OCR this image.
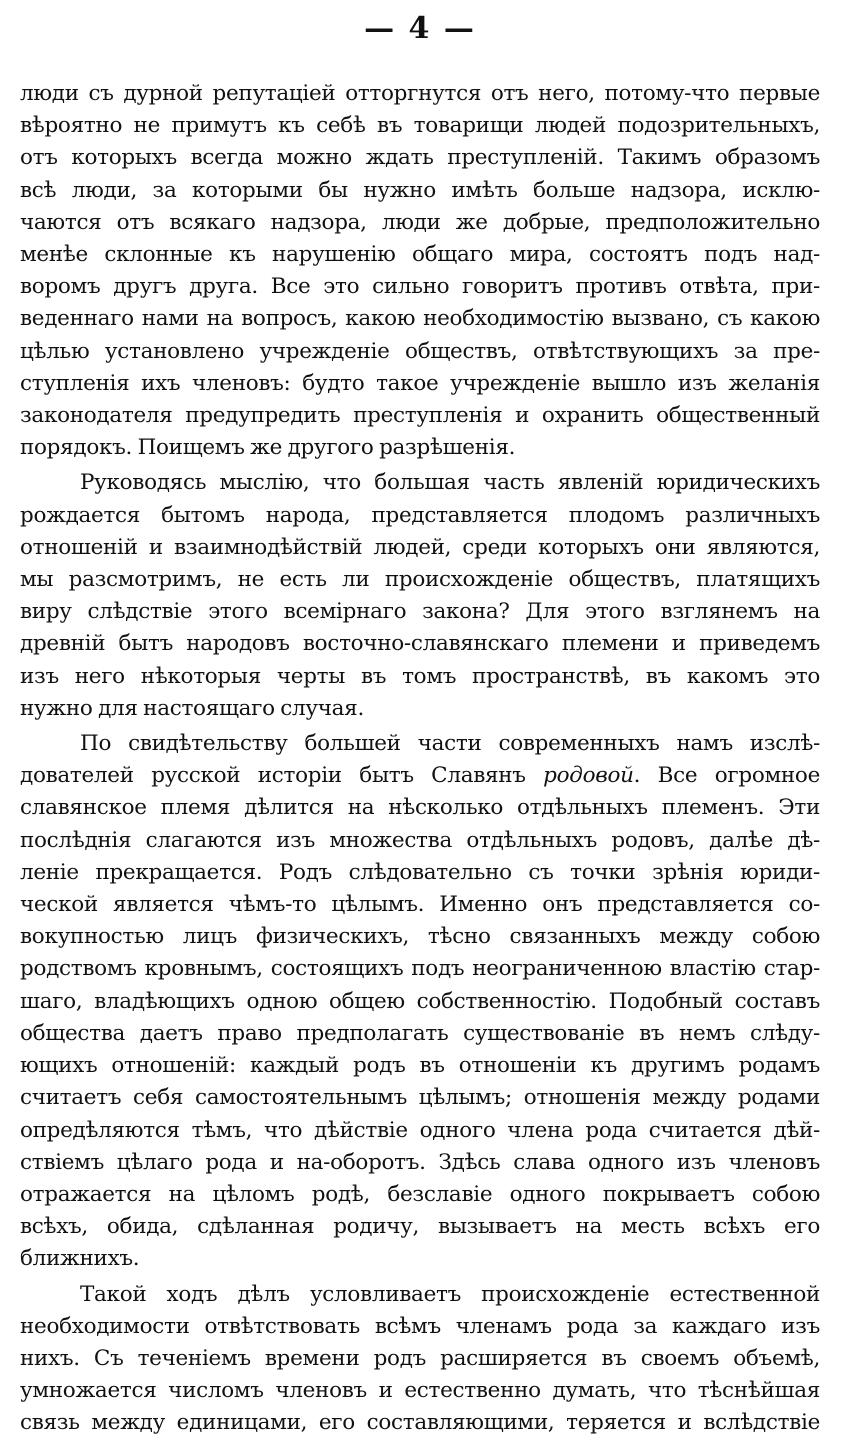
— 4 —

люди съ дурной репутаціей отторгнутся отъ него, потому-что первые
вѣроятно не примутъ къ себѣ въ товарищи людей подозрительныхъ,
отъ которыхъ всегда можно ждать преступленій. Такимъ образомъ
всѣ люди, за которыми бы нужно имѣть больше надзора, исклю-
чаются отъ всякаго надзора, люди же добрые, предположительно
менѣе склонные къ нарушенію общаго мира, состоятъ подъ над-
воромъ другъ друга. Все это сильно говоритъ противъ отвѣта, при-
веденнаго нами на вопросъ, какою необходимостію вызвано, съ какою
цѣлью установлено учрежденіе обществъ, отвѣтствующихъ за пре-
ступленія ихъ членовъ: будто такое учрежденіе вышло изъ желанія
законодателя предупредить преступленія и охранить общественный
порядокъ. Поищемъ же другого разрѣшенія.

Руководясь мыслію, что большая часть явленій юридическихъ
рождается бытомъ народа, представляется плодомъ различныхъ
отношеній и взаимнодѣйствій людей, среди которыхъ они являются,
мы разсмотримъ, не есть ли происхожденіе обществъ, платящихъ
виру слѣдствіе этого всемірнаго закона? Для этого взглянемъ на
древній бытъ народовъ восточно-славянскаго племени и приведемъ
изъ него нѣкоторыя черты въ томъ пространствѣ, въ какомъ это
нужно для настоящаго случая.

По свидѣтельству большей части современныхъ намъ изслѣ-
дователей русской исторіи бытъ Славянъ родовой. Все огромное
славянское племя дѣлится на нѣсколько отдѣльныхъ племенъ. Эти
послѣднія слагаются изъ множества отдѣльныхъ родовъ, далѣе дѣ-
леніе прекращается. Родъ слѣдовательно съ точки зрѣнія юриди-
ческой является чѣмъ-то цѣлымъ. Именно онъ представляется со-
вокупностью лицъ физическихъ, тѣсно связанныхъ между собою
родствомъ кровнымъ, состоящихъ подъ неограниченною властію стар-
шаго, владѣющихъ одною общею собственностію. Подобный составъ
общества даетъ право предполагать существованіе въ немъ слѣду-
ющихъ отношеній: каждый родъ въ отношеніи къ другимъ родамъ
считаетъ себя самостоятельнымъ цѣлымъ; отношенія между родами
опредѣляются тѣмъ, что дѣйствіе одного члена рода считается дѣй-
ствіемъ цѣлаго рода и на-оборотъ. Здѣсь слава одного изъ членовъ
отражается на цѣломъ родѣ, безславіе одного покрываетъ собою
всѣхъ, обида, сдѣланная родичу, вызываетъ на месть всѣхъ его
ближнихъ.

Такой ходъ дѣлъ условливаетъ происхожденіе естественной
необходимости отвѣтствовать всѣмъ членамъ рода за каждаго изъ
нихъ. Съ теченіемъ времени родъ расширяется въ своемъ объемѣ,
умножается числомъ членовъ и естественно думать, что тѣснѣйшая
связь между единицами, его составляющими, теряется и вслѣдствіе
